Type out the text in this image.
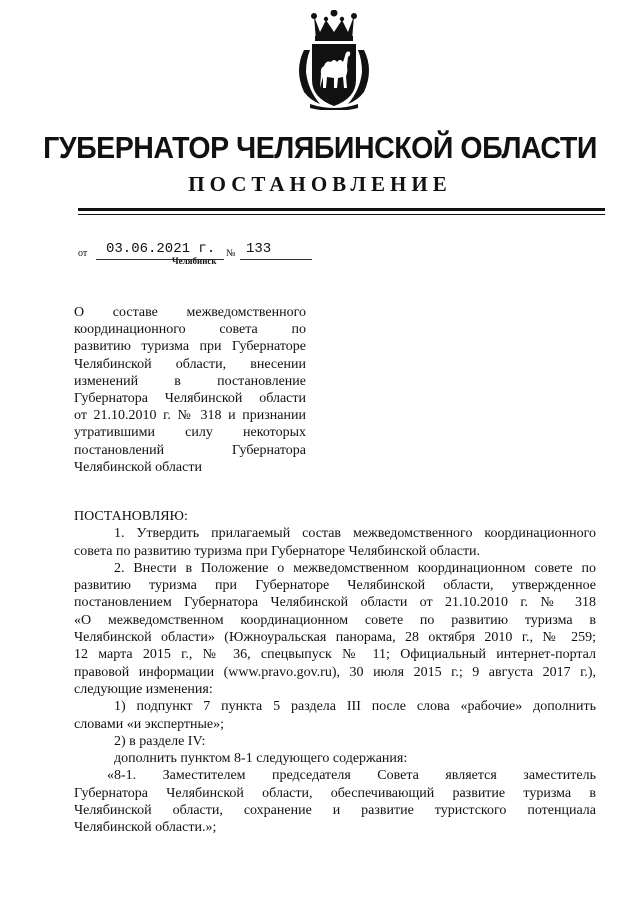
ГУБЕРНАТОР ЧЕЛЯБИНСКОЙ ОБЛАСТИ
ПОСТАНОВЛЕНИЕ
от 03.06.2021 г. № 133
Челябинск
О составе межведомственного
координационного совета по
развитию туризма при Губернаторе
Челябинской области, внесении
изменений в постановление
Губернатора Челябинской области
от 21.10.2010 г. № 318 и признании
утратившими силу некоторых
постановлений Губернатора
Челябинской области
ПОСТАНОВЛЯЮ:
1. Утвердить прилагаемый состав межведомственного координационного
совета по развитию туризма при Губернаторе Челябинской области.
2. Внести в Положение о межведомственном координационном совете по
развитию туризма при Губернаторе Челябинской области, утвержденное
постановлением Губернатора Челябинской области от 21.10.2010 г. № 318
«О межведомственном координационном совете по развитию туризма в
Челябинской области» (Южноуральская панорама, 28 октября 2010 г., № 259;
12 марта 2015 г., № 36, спецвыпуск № 11; Официальный интернет-портал
правовой информации (www.pravo.gov.ru), 30 июля 2015 г.; 9 августа 2017 г.),
следующие изменения:
1) подпункт 7 пункта 5 раздела III после слова «рабочие» дополнить
словами «и экспертные»;
2) в разделе IV:
дополнить пунктом 8-1 следующего содержания:
«8-1. Заместителем председателя Совета является заместитель
Губернатора Челябинской области, обеспечивающий развитие туризма в
Челябинской области, сохранение и развитие туристского потенциала
Челябинской области.»;
